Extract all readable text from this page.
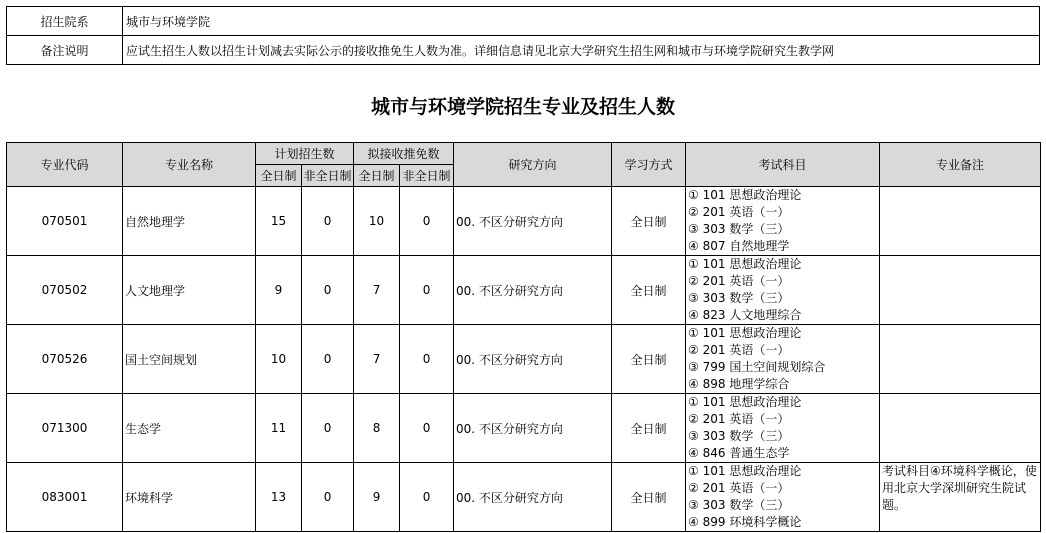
招生院系	城市与环境学院
备注说明	应试生招生人数以招生计划减去实际公示的接收推免生人数为准。详细信息请见北京大学研究生招生网和城市与环境学院研究生教学网
城市与环境学院招生专业及招生人数
专业代码	专业名称	计划招生数		拟接收推免数		研究方向	学习方式	考试科目	专业备注
		全日制	非全日制	全日制	非全日制				
070501	自然地理学	15	0	10	0	00. 不区分研究方向	全日制	① 101 思想政治理论
② 201 英语（一）
③ 303 数学（三）
④ 807 自然地理学	

070502	人文地理学	9	0	7	0	00. 不区分研究方向	全日制	① 101 思想政治理论
② 201 英语（一）
③ 303 数学（三）
④ 823 人文地理综合	

070526	国土空间规划	10	0	7	0	00. 不区分研究方向	全日制	① 101 思想政治理论
② 201 英语（一）
③ 799 国土空间规划综合
④ 898 地理学综合	

071300	生态学	11	0	8	0	00. 不区分研究方向	全日制	① 101 思想政治理论
② 201 英语（一）
③ 303 数学（三）
④ 846 普通生态学	

083001	环境科学	13	0	9	0	00. 不区分研究方向	全日制	① 101 思想政治理论
② 201 英语（一）
③ 303 数学（三）
④ 899 环境科学概论	考试科目④环境科学概论，使用北京大学深圳研究生院试题。
